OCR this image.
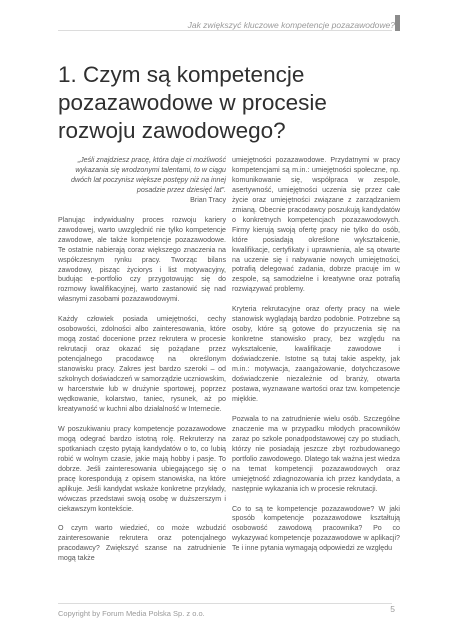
Jak zwiększyć kluczowe kompetencje pozazawodowe?
1. Czym są kompetencje pozazawodowe w procesie rozwoju zawodowego?

„Jeśli znajdziesz pracę, która daje ci możliwość wykazania się wrodzonymi talentami, to w ciągu dwóch lat poczynisz większe postępy niż na innej posadzie przez dziesięć lat”.
Brian Tracy

Planując indywidualny proces rozwoju kariery zawodowej, warto uwzględnić nie tylko kompetencje zawodowe, ale także kompetencje pozazawodowe. Te ostatnie nabierają coraz większego znaczenia na współczesnym rynku pracy. Tworząc bilans zawodowy, pisząc życiorys i list motywacyjny, budując e-portfolio czy przygotowując się do rozmowy kwalifikacyjnej, warto zastanowić się nad własnymi zasobami pozazawodowymi.

Każdy człowiek posiada umiejętności, cechy osobowości, zdolności albo zainteresowania, które mogą zostać docenione przez rekrutera w procesie rekrutacji oraz okazać się pożądane przez potencjalnego pracodawcę na określonym stanowisku pracy. Zakres jest bardzo szeroki – od szkolnych doświadczeń w samorządzie uczniowskim, w harcerstwie lub w drużynie sportowej, poprzez wędkowanie, kolarstwo, taniec, rysunek, aż po kreatywność w kuchni albo działalność w Internecie.

W poszukiwaniu pracy kompetencje pozazawodowe mogą odegrać bardzo istotną rolę. Rekruterzy na spotkaniach często pytają kandydatów o to, co lubią robić w wolnym czasie, jakie mają hobby i pasje. To dobrze. Jeśli zainteresowania ubiegającego się o pracę korespondują z opisem stanowiska, na które aplikuje. Jeśli kandydat wskaże konkretne przykłady, wówczas przedstawi swoją osobę w duższerszym i ciekawszym kontekście.

O czym warto wiedzieć, co może wzbudzić zainteresowanie rekrutera oraz potencjalnego pracodawcy? Zwiększyć szanse na zatrudnienie mogą także

umiejętności pozazawodowe. Przydatnymi w pracy kompetencjami są m.in.: umiejętności społeczne, np. komunikowanie się, współpraca w zespole, asertywność, umiejętności uczenia się przez całe życie oraz umiejętności związane z zarządzaniem zmianą. Obecnie pracodawcy poszukują kandydatów o konkretnych kompetencjach pozazawodowych. Firmy kierują swoją ofertę pracy nie tylko do osób, które posiadają określone wykształcenie, kwalifikacje, certyfikaty i uprawnienia, ale są otwarte na uczenie się i nabywanie nowych umiejętności, potrafią delegować zadania, dobrze pracuje im w zespole, są samodzielne i kreatywne oraz potrafią rozwiązywać problemy.

Kryteria rekrutacyjne oraz oferty pracy na wiele stanowisk wyglądają bardzo podobnie. Potrzebne są osoby, które są gotowe do przyuczenia się na konkretne stanowisko pracy, bez względu na wykształcenie, kwalifikacje zawodowe i doświadczenie. Istotne są tutaj takie aspekty, jak m.in.: motywacja, zaangażowanie, dotychczasowe doświadczenie niezależnie od branży, otwarta postawa, wyznawane wartości oraz tzw. kompetencje miękkie.

Pozwala to na zatrudnienie wielu osób. Szczególne znaczenie ma w przypadku młodych pracowników zaraz po szkole ponadpodstawowej czy po studiach, którzy nie posiadają jeszcze zbyt rozbudowanego portfolio zawodowego. Dlatego tak ważna jest wiedza na temat kompetencji pozazawodowych oraz umiejętność zdiagnozowania ich przez kandydata, a następnie wykazania ich w procesie rekrutacji.

Co to są te kompetencje pozazawodowe? W jaki sposób kompetencje pozazawodowe kształtują osobowość zawodową pracownika? Po co wykazywać kompetencje pozazawodowe w aplikacji? Te i inne pytania wymagają odpowiedzi ze względu

Copyright by Forum Media Polska Sp. z o.o.	5
